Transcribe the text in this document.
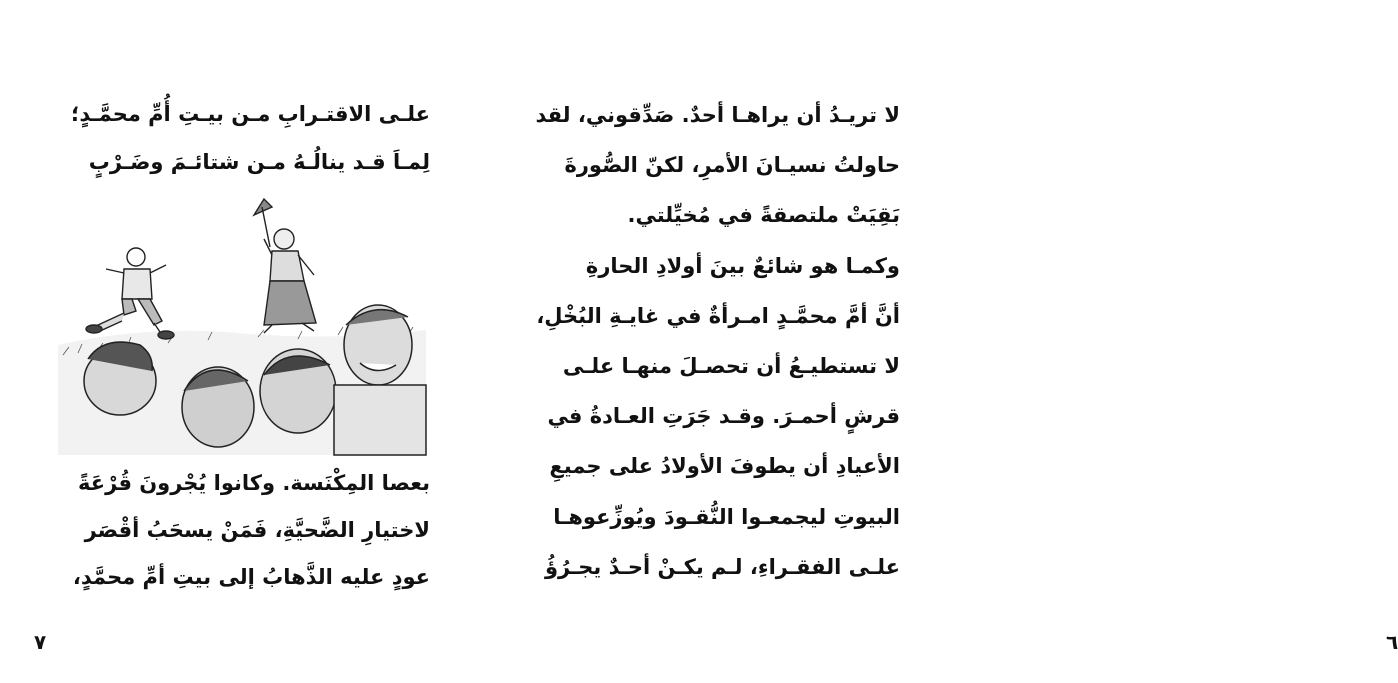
علـى الاقتـرابِ مـن بيـتِ أُمِّ محمَّـدٍ؛
لِمـاَ قـد ينالُـهُ مـن شتائـمَ وضَـرْبٍ
بعصا المِكْنَسة. وكانوا يُجْرونَ قُرْعَةً
لاختيارِ الضَّحيَّةِ، فَمَنْ يسحَبُ أقْصَر
عودٍ عليه الذَّهابُ إلى بيتِ أمِّ محمَّدٍ،
٧
لا تريـدُ أن يراهـا أحدٌ. صَدِّقوني، لقد
حاولتُ نسيـانَ الأمرِ، لكنّ الصُّورةَ
بَقِيَتْ ملتصقةً في مُخيِّلتي.
وكمـا هو شائعٌ بينَ أولادِ الحارةِ
أنَّ أمَّ محمَّـدٍ امـرأةٌ في غايـةِ البُخْلِ،
لا تستطيـعُ أن تحصـلَ منهـا علـى
قرشٍ أحمـرَ. وقـد جَرَتِ العـادةُ في
الأعيادِ أن يطوفَ الأولادُ على جميعِ
البيوتِ ليجمعـوا النُّقـودَ ويُوزِّعوهـا
علـى الفقـراءِ، لـم يكـنْ أحـدٌ يجـرُؤُ
٦
